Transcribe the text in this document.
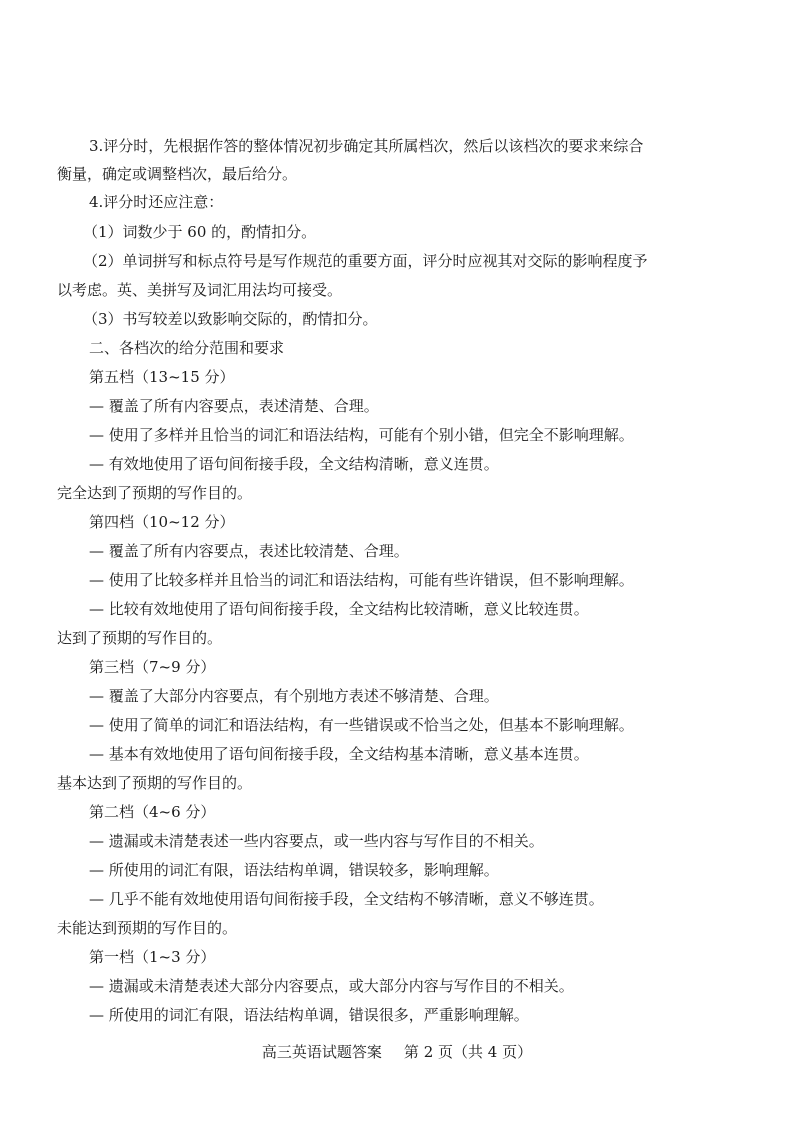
3.评分时，先根据作答的整体情况初步确定其所属档次，然后以该档次的要求来综合
衡量，确定或调整档次，最后给分。
4.评分时还应注意：
（1）词数少于 60 的，酌情扣分。
（2）单词拼写和标点符号是写作规范的重要方面，评分时应视其对交际的影响程度予
以考虑。英、美拼写及词汇用法均可接受。
（3）书写较差以致影响交际的，酌情扣分。
二、各档次的给分范围和要求
第五档（13~15 分）
— 覆盖了所有内容要点，表述清楚、合理。
— 使用了多样并且恰当的词汇和语法结构，可能有个别小错，但完全不影响理解。
— 有效地使用了语句间衔接手段，全文结构清晰，意义连贯。
完全达到了预期的写作目的。
第四档（10~12 分）
— 覆盖了所有内容要点，表述比较清楚、合理。
— 使用了比较多样并且恰当的词汇和语法结构，可能有些许错误，但不影响理解。
— 比较有效地使用了语句间衔接手段，全文结构比较清晰，意义比较连贯。
达到了预期的写作目的。
第三档（7~9 分）
— 覆盖了大部分内容要点，有个别地方表述不够清楚、合理。
— 使用了简单的词汇和语法结构，有一些错误或不恰当之处，但基本不影响理解。
— 基本有效地使用了语句间衔接手段，全文结构基本清晰，意义基本连贯。
基本达到了预期的写作目的。
第二档（4~6 分）
— 遗漏或未清楚表述一些内容要点，或一些内容与写作目的不相关。
— 所使用的词汇有限，语法结构单调，错误较多，影响理解。
— 几乎不能有效地使用语句间衔接手段，全文结构不够清晰，意义不够连贯。
未能达到预期的写作目的。
第一档（1~3 分）
— 遗漏或未清楚表述大部分内容要点，或大部分内容与写作目的不相关。
— 所使用的词汇有限，语法结构单调，错误很多，严重影响理解。
高三英语试题答案 第 2 页（共 4 页）
